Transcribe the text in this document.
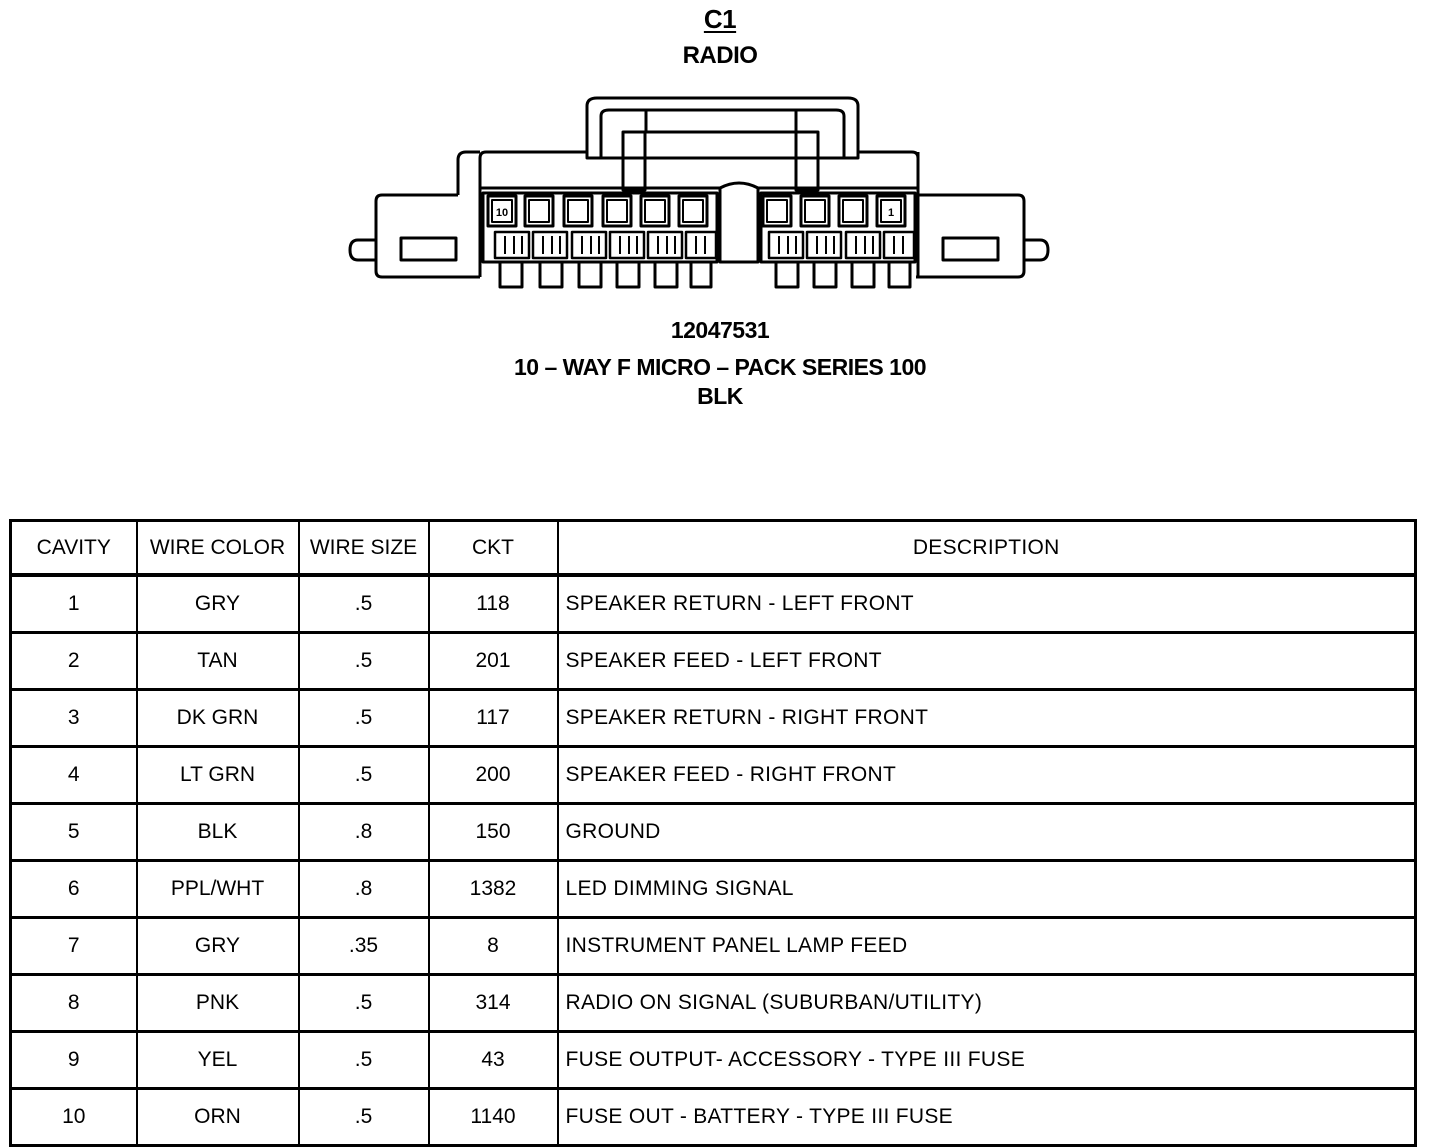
C1
RADIO
10	1
12047531
10 – WAY F MICRO – PACK SERIES 100
BLK
CAVITY	WIRE COLOR	WIRE SIZE	CKT	DESCRIPTION
1	GRY	.5	118	SPEAKER RETURN - LEFT FRONT
2	TAN	.5	201	SPEAKER FEED - LEFT FRONT
3	DK GRN	.5	117	SPEAKER RETURN - RIGHT FRONT
4	LT GRN	.5	200	SPEAKER FEED - RIGHT FRONT
5	BLK	.8	150	GROUND
6	PPL/WHT	.8	1382	LED DIMMING SIGNAL
7	GRY	.35	8	INSTRUMENT PANEL LAMP FEED
8	PNK	.5	314	RADIO ON SIGNAL (SUBURBAN/UTILITY)
9	YEL	.5	43	FUSE OUTPUT- ACCESSORY - TYPE III FUSE
10	ORN	.5	1140	FUSE OUT - BATTERY - TYPE III FUSE
